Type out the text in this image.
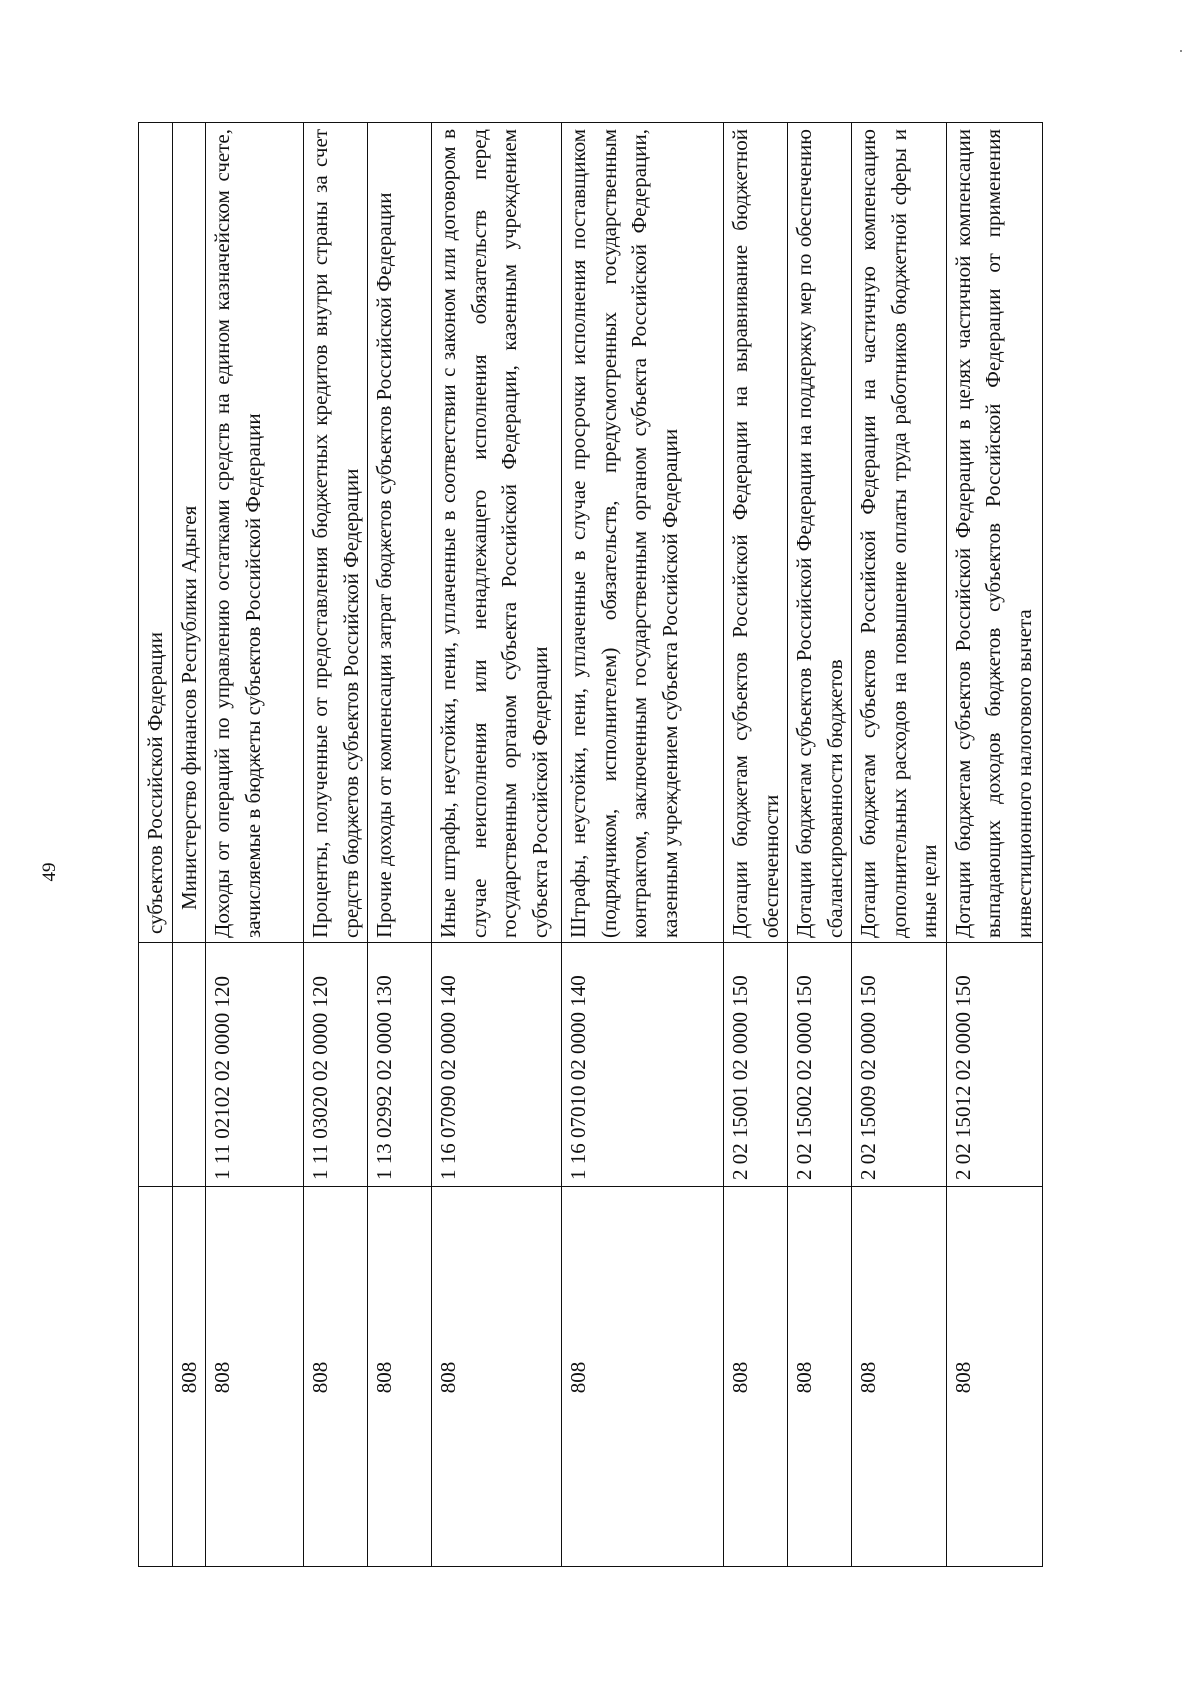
49
			субъектов Российской Федерации
808		Министерство финансов Республики Адыгея
808	1 11 02102 02 0000 120	Доходы от операций по управлению остатками средств на едином казначейском счете, зачисляемые в бюджеты субъектов Российской Федерации
808	1 11 03020 02 0000 120	Проценты, полученные от предоставления бюджетных кредитов внутри страны за счет средств бюджетов субъектов Российской Федерации
808	1 13 02992 02 0000 130	Прочие доходы от компенсации затрат бюджетов субъектов Российской Федерации
808	1 16 07090 02 0000 140	Иные штрафы, неустойки, пени, уплаченные в соответствии с законом или договором в случае неисполнения или ненадлежащего исполнения обязательств перед государственным органом субъекта Российской Федерации, казенным учреждением субъекта Российской Федерации
808	1 16 07010 02 0000 140	Штрафы, неустойки, пени, уплаченные в случае просрочки исполнения поставщиком (подрядчиком, исполнителем) обязательств, предусмотренных государственным контрактом, заключенным государственным органом субъекта Российской Федерации, казенным учреждением субъекта Российской Федерации
808	2 02 15001 02 0000 150	Дотации бюджетам субъектов Российской Федерации на выравнивание бюджетной обеспеченности
808	2 02 15002 02 0000 150	Дотации бюджетам субъектов Российской Федерации на поддержку мер по обеспечению сбалансированности бюджетов
808	2 02 15009 02 0000 150	Дотации бюджетам субъектов Российской Федерации на частичную компенсацию дополнительных расходов на повышение оплаты труда работников бюджетной сферы и иные цели
808	2 02 15012 02 0000 150	Дотации бюджетам субъектов Российской Федерации в целях частичной компенсации выпадающих доходов бюджетов субъектов Российской Федерации от применения инвестиционного налогового вычета
